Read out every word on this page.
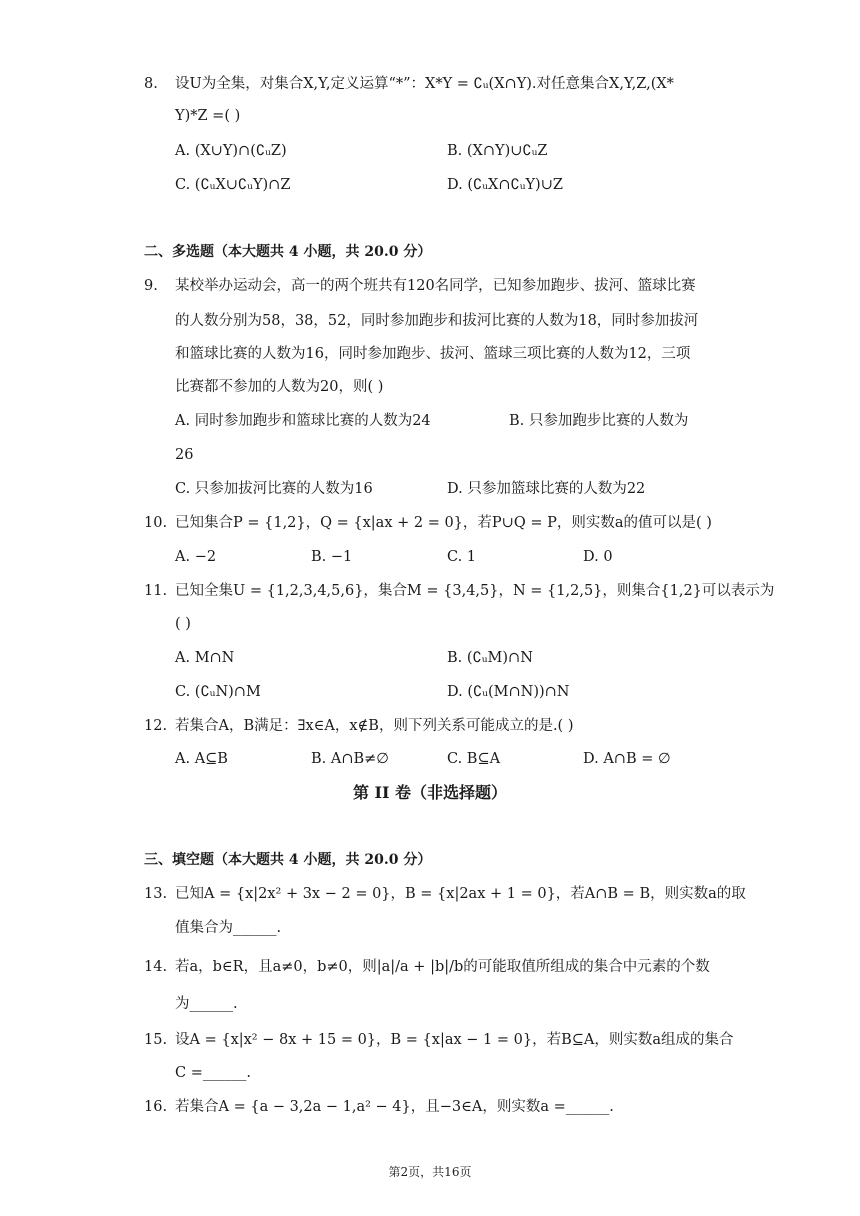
8. 设U为全集，对集合X,Y,定义运算“*”：X*Y = ∁ᵤ(X∩Y).对任意集合X,Y,Z,(X*
Y)*Z =( )
A. (X∪Y)∩(∁ᵤZ)	B. (X∩Y)∪∁ᵤZ
C. (∁ᵤX∪∁ᵤY)∩Z	D. (∁ᵤX∩∁ᵤY)∪Z
二、多选题（本大题共 4 小题，共 20.0 分）
9. 某校举办运动会，高一的两个班共有120名同学，已知参加跑步、拔河、篮球比赛
的人数分别为58，38，52，同时参加跑步和拔河比赛的人数为18，同时参加拔河
和篮球比赛的人数为16，同时参加跑步、拔河、篮球三项比赛的人数为12，三项
比赛都不参加的人数为20，则( )
A. 同时参加跑步和篮球比赛的人数为24	B. 只参加跑步比赛的人数为
26
C. 只参加拔河比赛的人数为16	D. 只参加篮球比赛的人数为22
10. 已知集合P = {1,2}，Q = {x|ax + 2 = 0}，若P∪Q = P，则实数a的值可以是( )
A. −2	B. −1	C. 1	D. 0
11. 已知全集U = {1,2,3,4,5,6}，集合M = {3,4,5}，N = {1,2,5}，则集合{1,2}可以表示为
( )
A. M∩N	B. (∁ᵤM)∩N
C. (∁ᵤN)∩M	D. (∁ᵤ(M∩N))∩N
12. 若集合A，B满足：∃x∈A，x∉B，则下列关系可能成立的是.( )
A. A⊆B	B. A∩B≠∅	C. B⊆A	D. A∩B = ∅
第 II 卷（非选择题）
三、填空题（本大题共 4 小题，共 20.0 分）
13. 已知A = {x|2x² + 3x − 2 = 0}，B = {x|2ax + 1 = 0}，若A∩B = B，则实数a的取
值集合为______.
14. 若a，b∈R，且a≠0，b≠0，则|a|/a + |b|/b的可能取值所组成的集合中元素的个数
为______.
15. 设A = {x|x² − 8x + 15 = 0}，B = {x|ax − 1 = 0}，若B⊆A，则实数a组成的集合
C =______.
16. 若集合A = {a − 3,2a − 1,a² − 4}，且−3∈A，则实数a =______.
第2页，共16页
